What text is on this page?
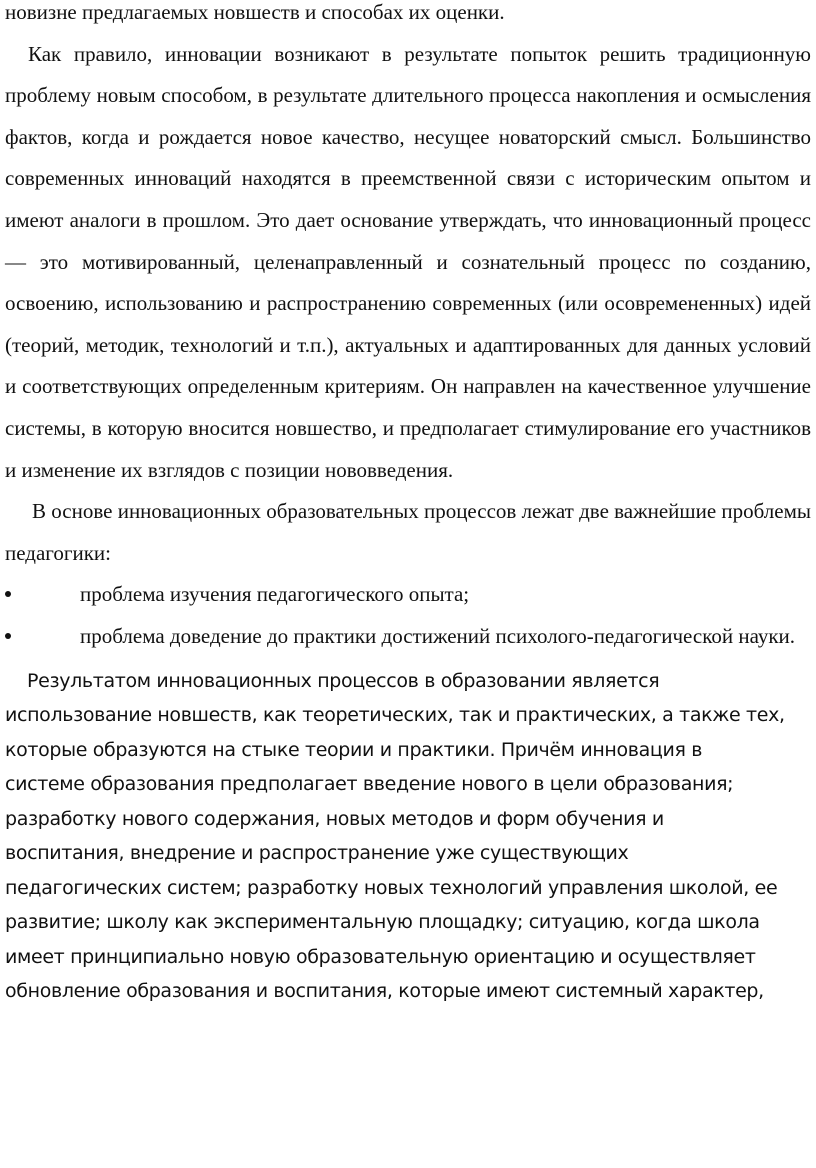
новизне предлагаемых новшеств и способах их оценки.

Как правило, инновации возникают в результате попыток решить традиционную проблему новым способом, в результате длительного процесса накопления и осмысления фактов, когда и рождается новое качество, несущее новаторский смысл. Большинство современных инноваций находятся в преемственной связи с историческим опытом и имеют аналоги в прошлом. Это дает основание утверждать, что инновационный процесс — это мотивированный, целенаправленный и сознательный процесс по созданию, освоению, использованию и распространению современных (или осовремененных) идей (теорий, методик, технологий и т.п.), актуальных и адаптированных для данных условий и соответствующих определенным критериям. Он направлен на качественное улучшение системы, в которую вносится новшество, и предполагает стимулирование его участников и изменение их взглядов с позиции нововведения.

В основе инновационных образовательных процессов лежат две важнейшие проблемы педагогики:

проблема изучения педагогического опыта;
проблема доведение до практики достижений психолого-педагогической науки.
Результатом инновационных процессов в образовании является
использование новшеств, как теоретических, так и практических, а также тех,
которые образуются на стыке теории и практики. Причём инновация в
системе образования предполагает введение нового в цели образования;
разработку нового содержания, новых методов и форм обучения и
воспитания, внедрение и распространение уже существующих
педагогических систем; разработку новых технологий управления школой, ее
развитие; школу как экспериментальную площадку; ситуацию, когда школа
имеет принципиально новую образовательную ориентацию и осуществляет
обновление образования и воспитания, которые имеют системный характер,
